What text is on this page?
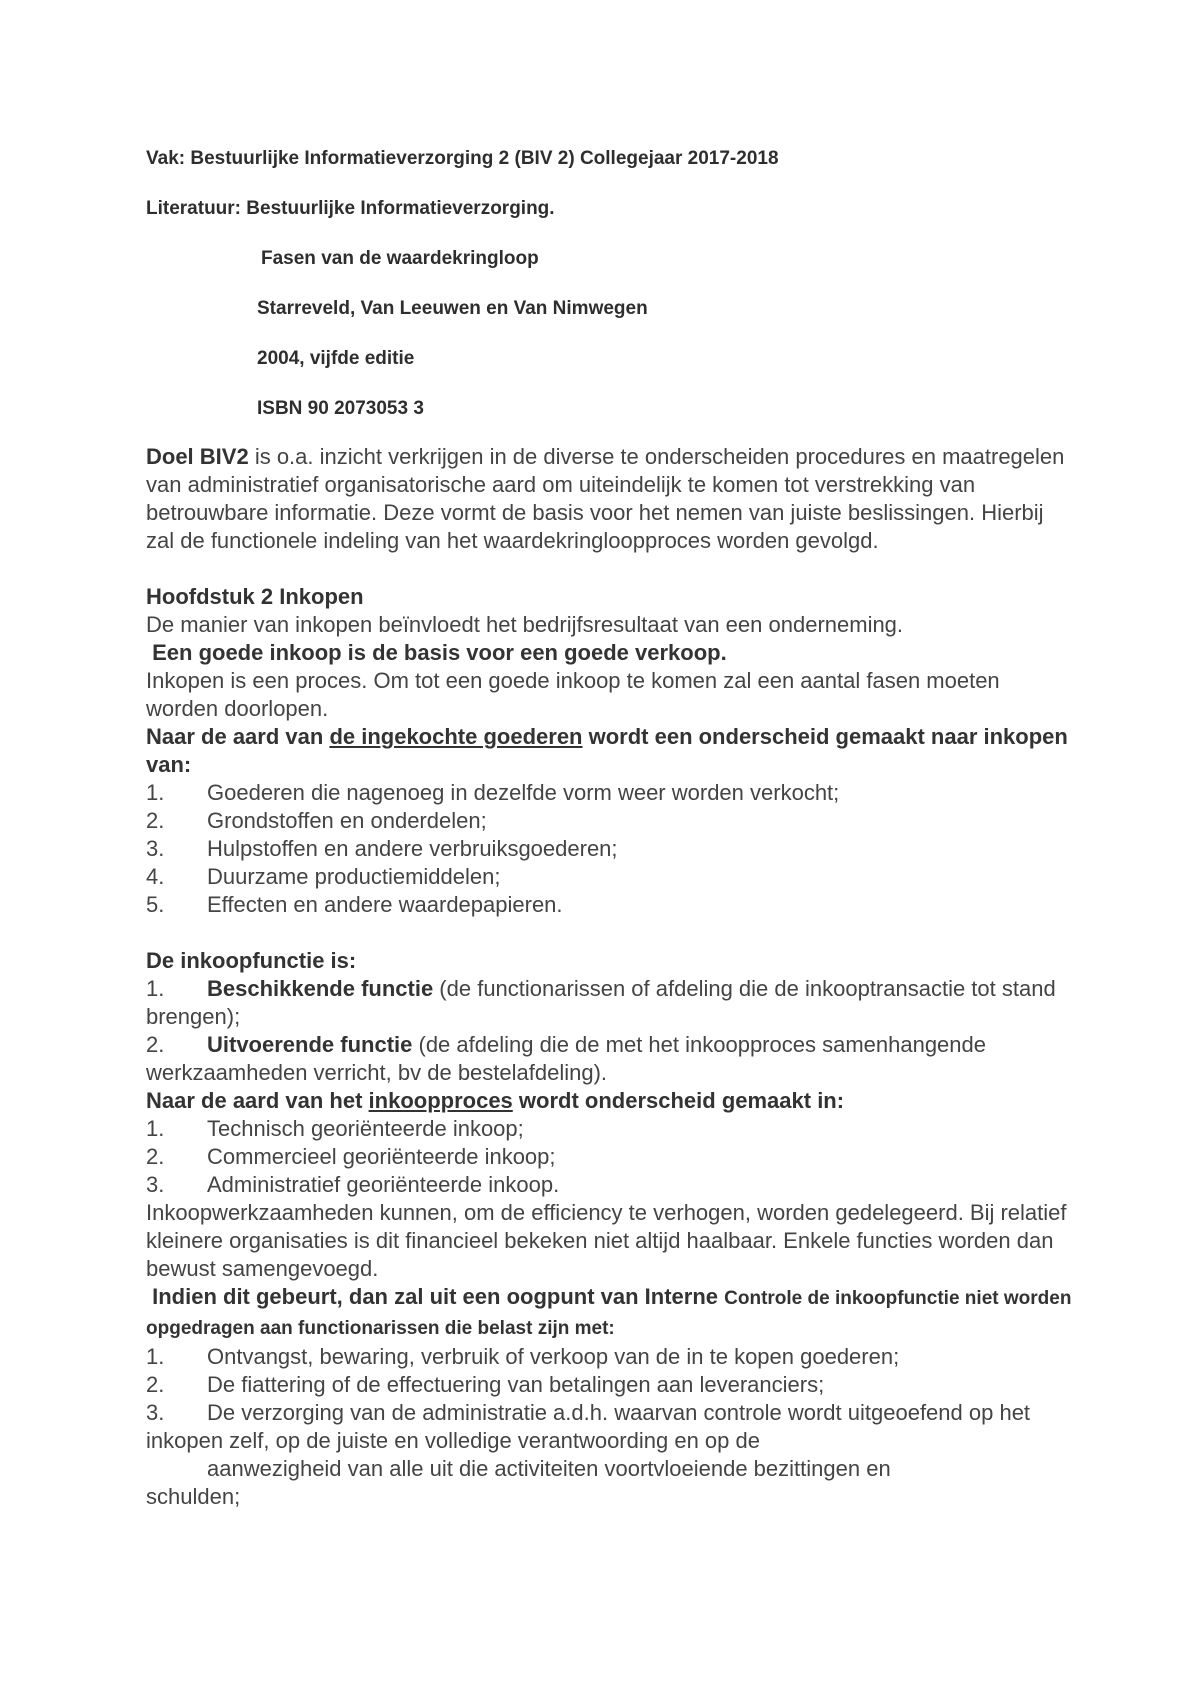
Vak: Bestuurlijke Informatieverzorging 2 (BIV 2) Collegejaar 2017-2018
Literatuur: Bestuurlijke Informatieverzorging.
Fasen van de waardekringloop
Starreveld, Van Leeuwen en Van Nimwegen
2004, vijfde editie
ISBN 90 2073053 3

Doel BIV2 is o.a. inzicht verkrijgen in de diverse te onderscheiden procedures en maatregelen van administratief organisatorische aard om uiteindelijk te komen tot verstrekking van betrouwbare informatie. Deze vormt de basis voor het nemen van juiste beslissingen. Hierbij zal de functionele indeling van het waardekringloopproces worden gevolgd.

Hoofdstuk 2 Inkopen

De manier van inkopen beïnvloedt het bedrijfsresultaat van een onderneming.

Een goede inkoop is de basis voor een goede verkoop.

Inkopen is een proces. Om tot een goede inkoop te komen zal een aantal fasen moeten worden doorlopen.

Naar de aard van de ingekochte goederen wordt een onderscheid gemaakt naar inkopen van:

1.	Goederen die nagenoeg in dezelfde vorm weer worden verkocht;
2.	Grondstoffen en onderdelen;
3.	Hulpstoffen en andere verbruiksgoederen;
4.	Duurzame productiemiddelen;
5.	Effecten en andere waardepapieren.

De inkoopfunctie is:

1. Beschikkende functie (de functionarissen of afdeling die de inkooptransactie tot stand brengen);

2. Uitvoerende functie (de afdeling die de met het inkoopproces samenhangende werkzaamheden verricht, bv de bestelafdeling).

Naar de aard van het inkoopproces wordt onderscheid gemaakt in:

1.	Technisch georiënteerde inkoop;
2.	Commercieel georiënteerde inkoop;
3.	Administratief georiënteerde inkoop.

Inkoopwerkzaamheden kunnen, om de efficiency te verhogen, worden gedelegeerd. Bij relatief kleinere organisaties is dit financieel bekeken niet altijd haalbaar. Enkele functies worden dan bewust samengevoegd.

Indien dit gebeurt, dan zal uit een oogpunt van Interne Controle de inkoopfunctie niet worden opgedragen aan functionarissen die belast zijn met:

1.	Ontvangst, bewaring, verbruik of verkoop van de in te kopen goederen;
2.	De fiattering of de effectuering van betalingen aan leveranciers;

3. De verzorging van de administratie a.d.h. waarvan controle wordt uitgeoefend op het inkopen zelf, op de juiste en volledige verantwoording en op de

aanwezigheid van alle uit die activiteiten voortvloeiende bezittingen en

schulden;
